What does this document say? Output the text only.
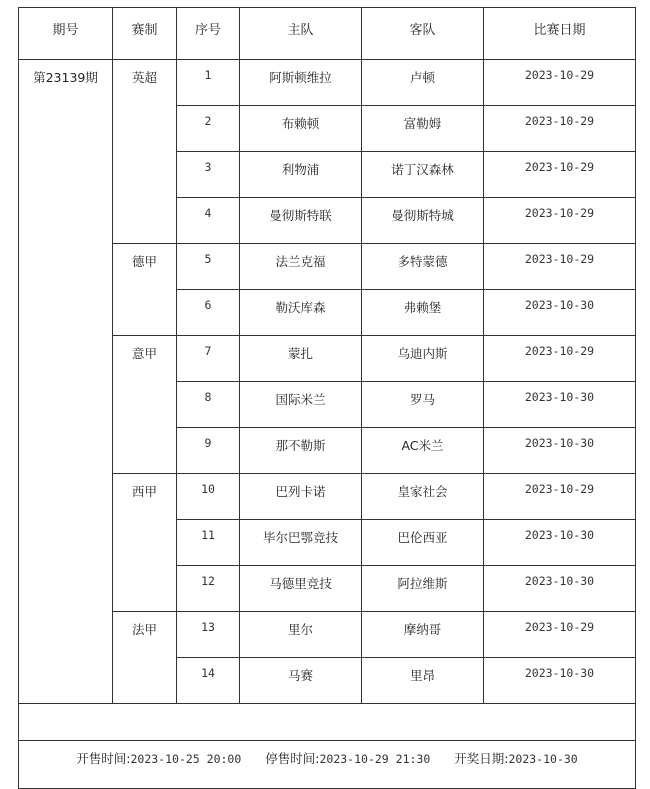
期号	赛制	序号	主队	客队	比赛日期
第23139期	英超	1	阿斯顿维拉	卢顿	2023-10-29
		2	布赖顿	富勒姆	2023-10-29
		3	利物浦	诺丁汉森林	2023-10-29
		4	曼彻斯特联	曼彻斯特城	2023-10-29
	德甲	5	法兰克福	多特蒙德	2023-10-29
		6	勒沃库森	弗赖堡	2023-10-30
	意甲	7	蒙扎	乌迪内斯	2023-10-29
		8	国际米兰	罗马	2023-10-30
		9	那不勒斯	AC米兰	2023-10-30
	西甲	10	巴列卡诺	皇家社会	2023-10-29
		11	毕尔巴鄂竞技	巴伦西亚	2023-10-30
		12	马德里竞技	阿拉维斯	2023-10-30
	法甲	13	里尔	摩纳哥	2023-10-29
		14	马赛	里昂	2023-10-30

开售时间:2023-10-25 20:00 停售时间:2023-10-29 21:30 开奖日期:2023-10-30					
